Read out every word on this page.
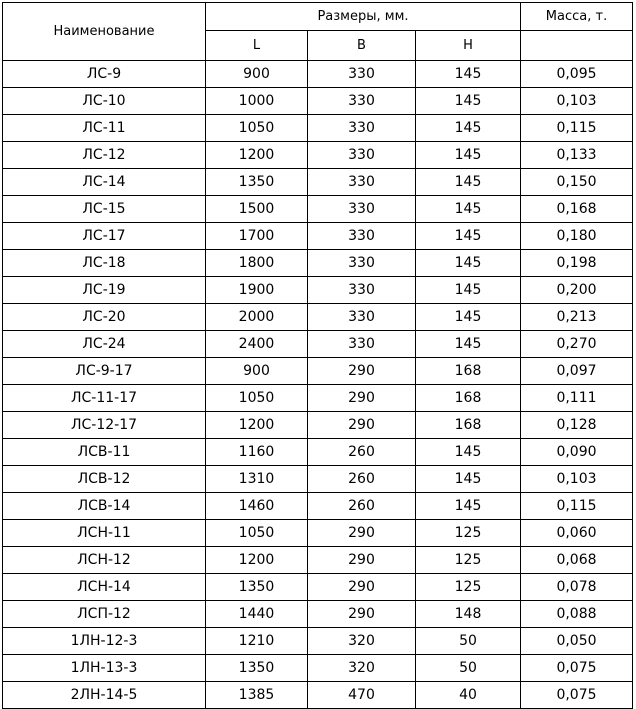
Наименование	Размеры, мм.			Масса, т.
	L	B	H	
ЛС-9	900	330	145	0,095
ЛС-10	1000	330	145	0,103
ЛС-11	1050	330	145	0,115
ЛС-12	1200	330	145	0,133
ЛС-14	1350	330	145	0,150
ЛС-15	1500	330	145	0,168
ЛС-17	1700	330	145	0,180
ЛС-18	1800	330	145	0,198
ЛС-19	1900	330	145	0,200
ЛС-20	2000	330	145	0,213
ЛС-24	2400	330	145	0,270
ЛС-9-17	900	290	168	0,097
ЛС-11-17	1050	290	168	0,111
ЛС-12-17	1200	290	168	0,128
ЛСВ-11	1160	260	145	0,090
ЛСВ-12	1310	260	145	0,103
ЛСВ-14	1460	260	145	0,115
ЛСН-11	1050	290	125	0,060
ЛСН-12	1200	290	125	0,068
ЛСН-14	1350	290	125	0,078
ЛСП-12	1440	290	148	0,088
1ЛН-12-3	1210	320	50	0,050
1ЛН-13-3	1350	320	50	0,075
2ЛН-14-5	1385	470	40	0,075
